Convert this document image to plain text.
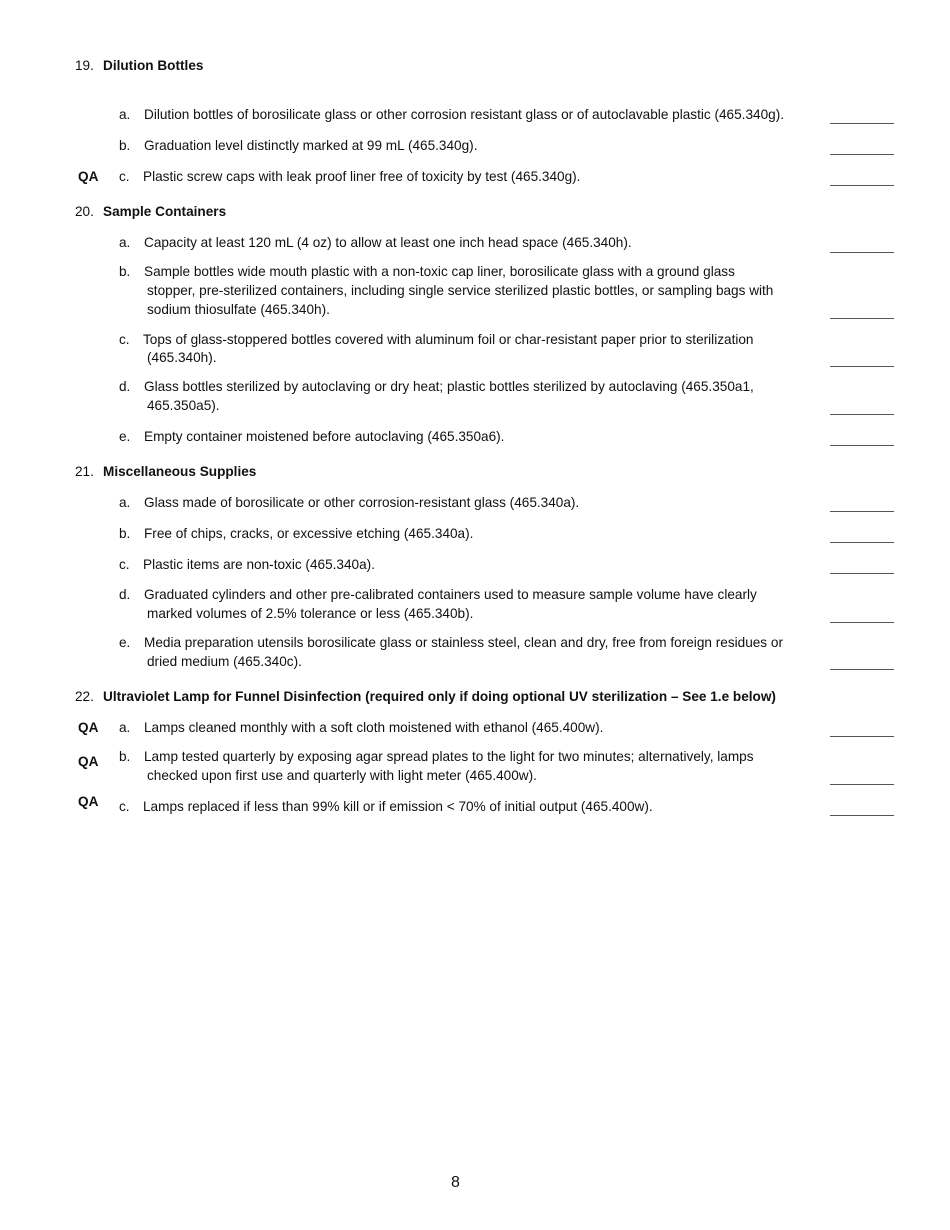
19. Dilution Bottles
a. Dilution bottles of borosilicate glass or other corrosion resistant glass or of autoclavable plastic (465.340g).
b. Graduation level distinctly marked at 99 mL (465.340g).
QA c. Plastic screw caps with leak proof liner free of toxicity by test (465.340g).
20. Sample Containers
a. Capacity at least 120 mL (4 oz) to allow at least one inch head space (465.340h).
b. Sample bottles wide mouth plastic with a non-toxic cap liner, borosilicate glass with a ground glass
stopper, pre-sterilized containers, including single service sterilized plastic bottles, or sampling bags with
sodium thiosulfate (465.340h).
c. Tops of glass-stoppered bottles covered with aluminum foil or char-resistant paper prior to sterilization
(465.340h).
d. Glass bottles sterilized by autoclaving or dry heat; plastic bottles sterilized by autoclaving (465.350a1,
465.350a5).
e. Empty container moistened before autoclaving (465.350a6).
21. Miscellaneous Supplies
a. Glass made of borosilicate or other corrosion-resistant glass (465.340a).
b. Free of chips, cracks, or excessive etching (465.340a).
c. Plastic items are non-toxic (465.340a).
d. Graduated cylinders and other pre-calibrated containers used to measure sample volume have clearly
marked volumes of 2.5% tolerance or less (465.340b).
e. Media preparation utensils borosilicate glass or stainless steel, clean and dry, free from foreign residues or
dried medium (465.340c).
22. Ultraviolet Lamp for Funnel Disinfection (required only if doing optional UV sterilization – See 1.e below)
QA a. Lamps cleaned monthly with a soft cloth moistened with ethanol (465.400w).
QA b. Lamp tested quarterly by exposing agar spread plates to the light for two minutes; alternatively, lamps
checked upon first use and quarterly with light meter (465.400w).
QA c. Lamps replaced if less than 99% kill or if emission < 70% of initial output (465.400w).
8
